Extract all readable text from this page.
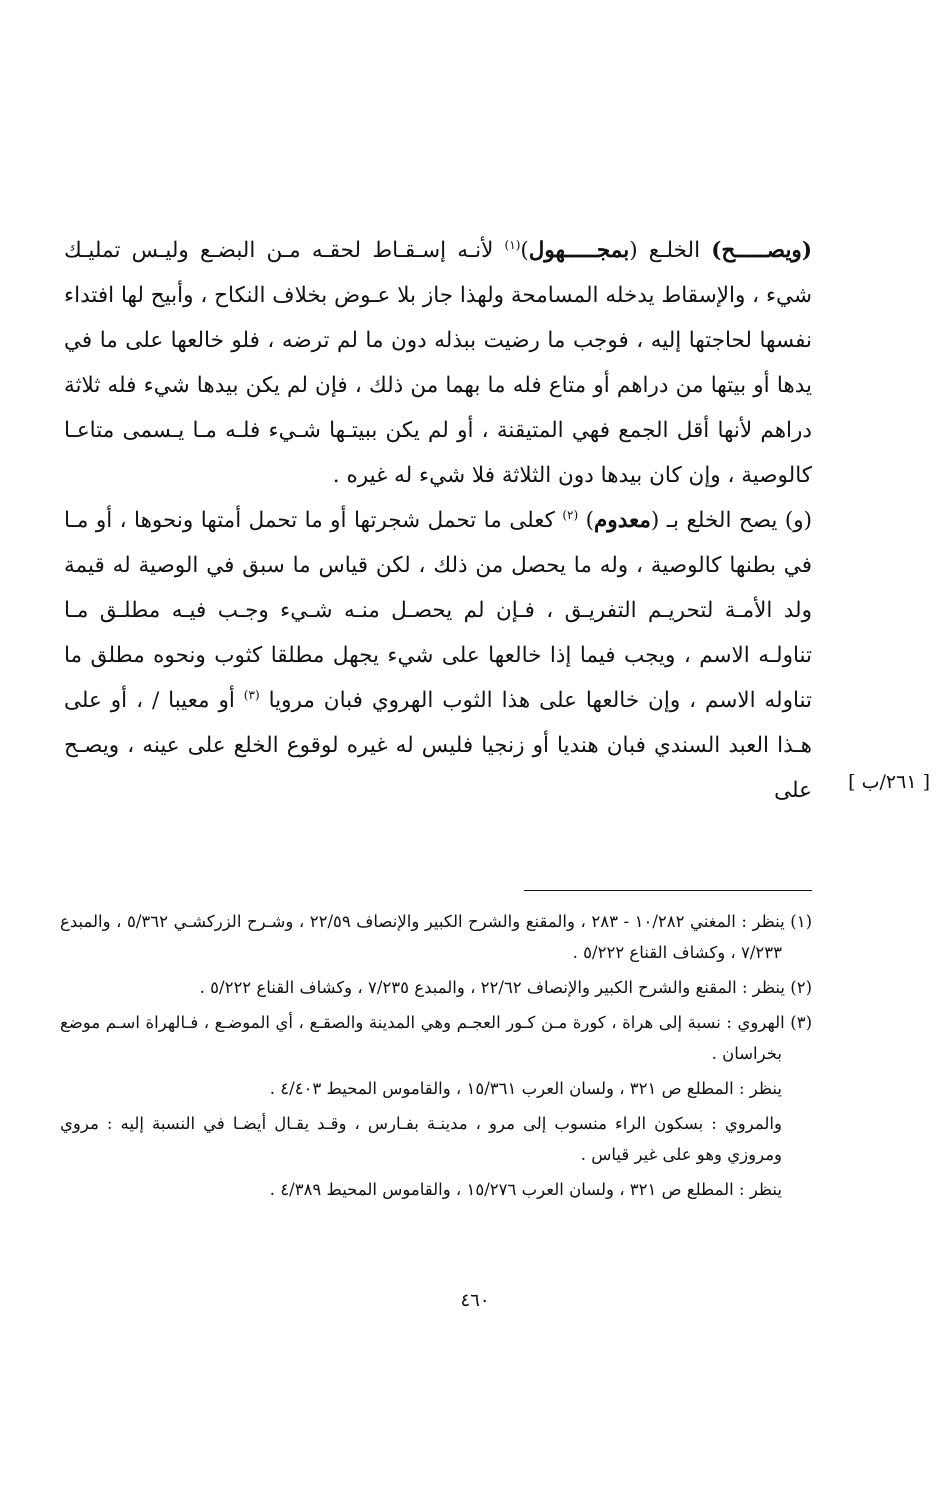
(ويصـــــح) الخلـع (بمجـــــهول)$^{(١)}$ لأنـه إسـقـاط لحقـه مـن البضـع وليـس تمليـك شيء ، والإسقاط يدخله المسامحة ولهذا جاز بلا عـوض بخلاف النكاح ، وأبيح لها افتداء نفسها لحاجتها إليه ، فوجب ما رضيت ببذله دون ما لم ترضه ، فلو خالعها على ما في يدها أو بيتها من دراهم أو متاع فله ما بهما من ذلك ، فإن لم يكن بيدها شيء فله ثلاثة دراهم لأنها أقل الجمع فهي المتيقنة ، أو لم يكن ببيتـها شـيء فلـه مـا يـسمى متاعـا كالوصية ، وإن كان بيدها دون الثلاثة فلا شيء له غيره .

(و) يصح الخلع بـ (معدوم) $^{(٢)}$ كعلى ما تحمل شجرتها أو ما تحمل أمتها ونحوها ، أو مـا في بطنها كالوصية ، وله ما يحصل من ذلك ، لكن قياس ما سبق في الوصية له قيمة ولد الأمـة لتحريـم التفريـق ، فـإن لم يحصـل منـه شـيء وجـب فيـه مطلـق مـا تناولـه الاسم ، ويجب فيما إذا خالعها على شيء يجهل مطلقا كثوب ونحوه مطلق ما تناوله الاسم ، وإن خالعها على هذا الثوب الهروي فبان مرويا $^{(٣)}$ أو معيبا / ، أو على هـذا العبد السندي فبان هنديا أو زنجيا فليس له غيره لوقوع الخلع على عينه ، ويصـح على [ ٢٦١/ب ]

(١) ينظر : المغني ١٠/٢٨٢ - ٢٨٣ ، والمقنع والشرح الكبير والإنصاف ٢٢/٥٩ ، وشـرح الزركشـي ٥/٣٦٢ ، والمبدع ٧/٢٣٣ ، وكشاف القناع ٥/٢٢٢ .

(٢) ينظر : المقنع والشرح الكبير والإنصاف ٢٢/٦٢ ، والمبدع ٧/٢٣٥ ، وكشاف القناع ٥/٢٢٢ .

(٣) الهروي : نسبة إلى هراة ، كورة مـن كـور العجـم وهي المدينة والصقـع ، أي الموضـع ، فـالهراة اسـم موضع بخراسان .

ينظر : المطلع ص ٣٢١ ، ولسان العرب ١٥/٣٦١ ، والقاموس المحيط ٤/٤٠٣ .

والمروي : بسكون الراء منسوب إلى مرو ، مدينـة بفـارس ، وقـد يقـال أيضـا في النسبة إليه : مروي ومروزي وهو على غير قياس .

ينظر : المطلع ص ٣٢١ ، ولسان العرب ١٥/٢٧٦ ، والقاموس المحيط ٤/٣٨٩ .

٤٦٠
